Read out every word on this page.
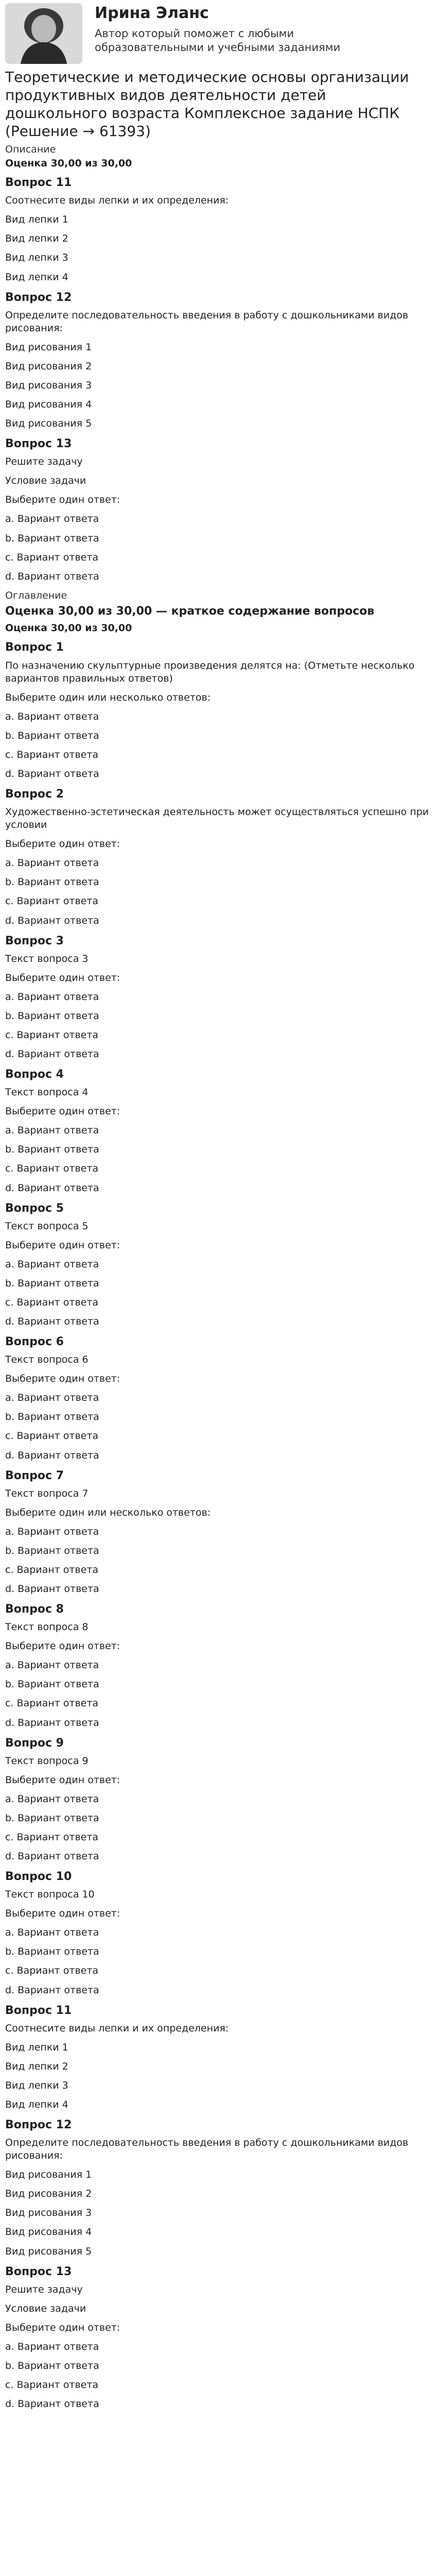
Ирина Эланс
Автор который поможет с любыми образовательными и учебными заданиями
Теоретические и методические основы организации продуктивных видов деятельности детей дошкольного возраста Комплексное задание НСПК (Решение → 61393)
Описание
Оценка 30,00 из 30,00
Вопрос 11
Соотнесите виды лепки и их определения:
Вид лепки 1
Вид лепки 2
Вид лепки 3
Вид лепки 4
Вопрос 12
Определите последовательность введения в работу с дошкольниками видов рисования:
Вид рисования 1
Вид рисования 2
Вид рисования 3
Вид рисования 4
Вид рисования 5
Вопрос 13
Решите задачу
Условие задачи
Выберите один ответ:
a. Вариант ответа
b. Вариант ответа
c. Вариант ответа
d. Вариант ответа
Оглавление
Оценка 30,00 из 30,00 — краткое содержание вопросов
Оценка 30,00 из 30,00
Вопрос 1
По назначению скульптурные произведения делятся на: (Отметьте несколько вариантов правильных ответов)
Выберите один или несколько ответов:
a. Вариант ответа
b. Вариант ответа
c. Вариант ответа
d. Вариант ответа
Вопрос 2
Художественно-эстетическая деятельность может осуществляться успешно при условии
Выберите один ответ:
a. Вариант ответа
b. Вариант ответа
c. Вариант ответа
d. Вариант ответа
Вопрос 3
Текст вопроса 3
Выберите один ответ:
a. Вариант ответа
b. Вариант ответа
c. Вариант ответа
d. Вариант ответа
Вопрос 4
Текст вопроса 4
Выберите один ответ:
a. Вариант ответа
b. Вариант ответа
c. Вариант ответа
d. Вариант ответа
Вопрос 5
Текст вопроса 5
Выберите один ответ:
a. Вариант ответа
b. Вариант ответа
c. Вариант ответа
d. Вариант ответа
Вопрос 6
Текст вопроса 6
Выберите один ответ:
a. Вариант ответа
b. Вариант ответа
c. Вариант ответа
d. Вариант ответа
Вопрос 7
Текст вопроса 7
Выберите один или несколько ответов:
a. Вариант ответа
b. Вариант ответа
c. Вариант ответа
d. Вариант ответа
Вопрос 8
Текст вопроса 8
Выберите один ответ:
a. Вариант ответа
b. Вариант ответа
c. Вариант ответа
d. Вариант ответа
Вопрос 9
Текст вопроса 9
Выберите один ответ:
a. Вариант ответа
b. Вариант ответа
c. Вариант ответа
d. Вариант ответа
Вопрос 10
Текст вопроса 10
Выберите один ответ:
a. Вариант ответа
b. Вариант ответа
c. Вариант ответа
d. Вариант ответа
Вопрос 11
Соотнесите виды лепки и их определения:
Вид лепки 1
Вид лепки 2
Вид лепки 3
Вид лепки 4
Вопрос 12
Определите последовательность введения в работу с дошкольниками видов рисования:
Вид рисования 1
Вид рисования 2
Вид рисования 3
Вид рисования 4
Вид рисования 5
Вопрос 13
Решите задачу
Условие задачи
Выберите один ответ:
a. Вариант ответа
b. Вариант ответа
c. Вариант ответа
d. Вариант ответа
